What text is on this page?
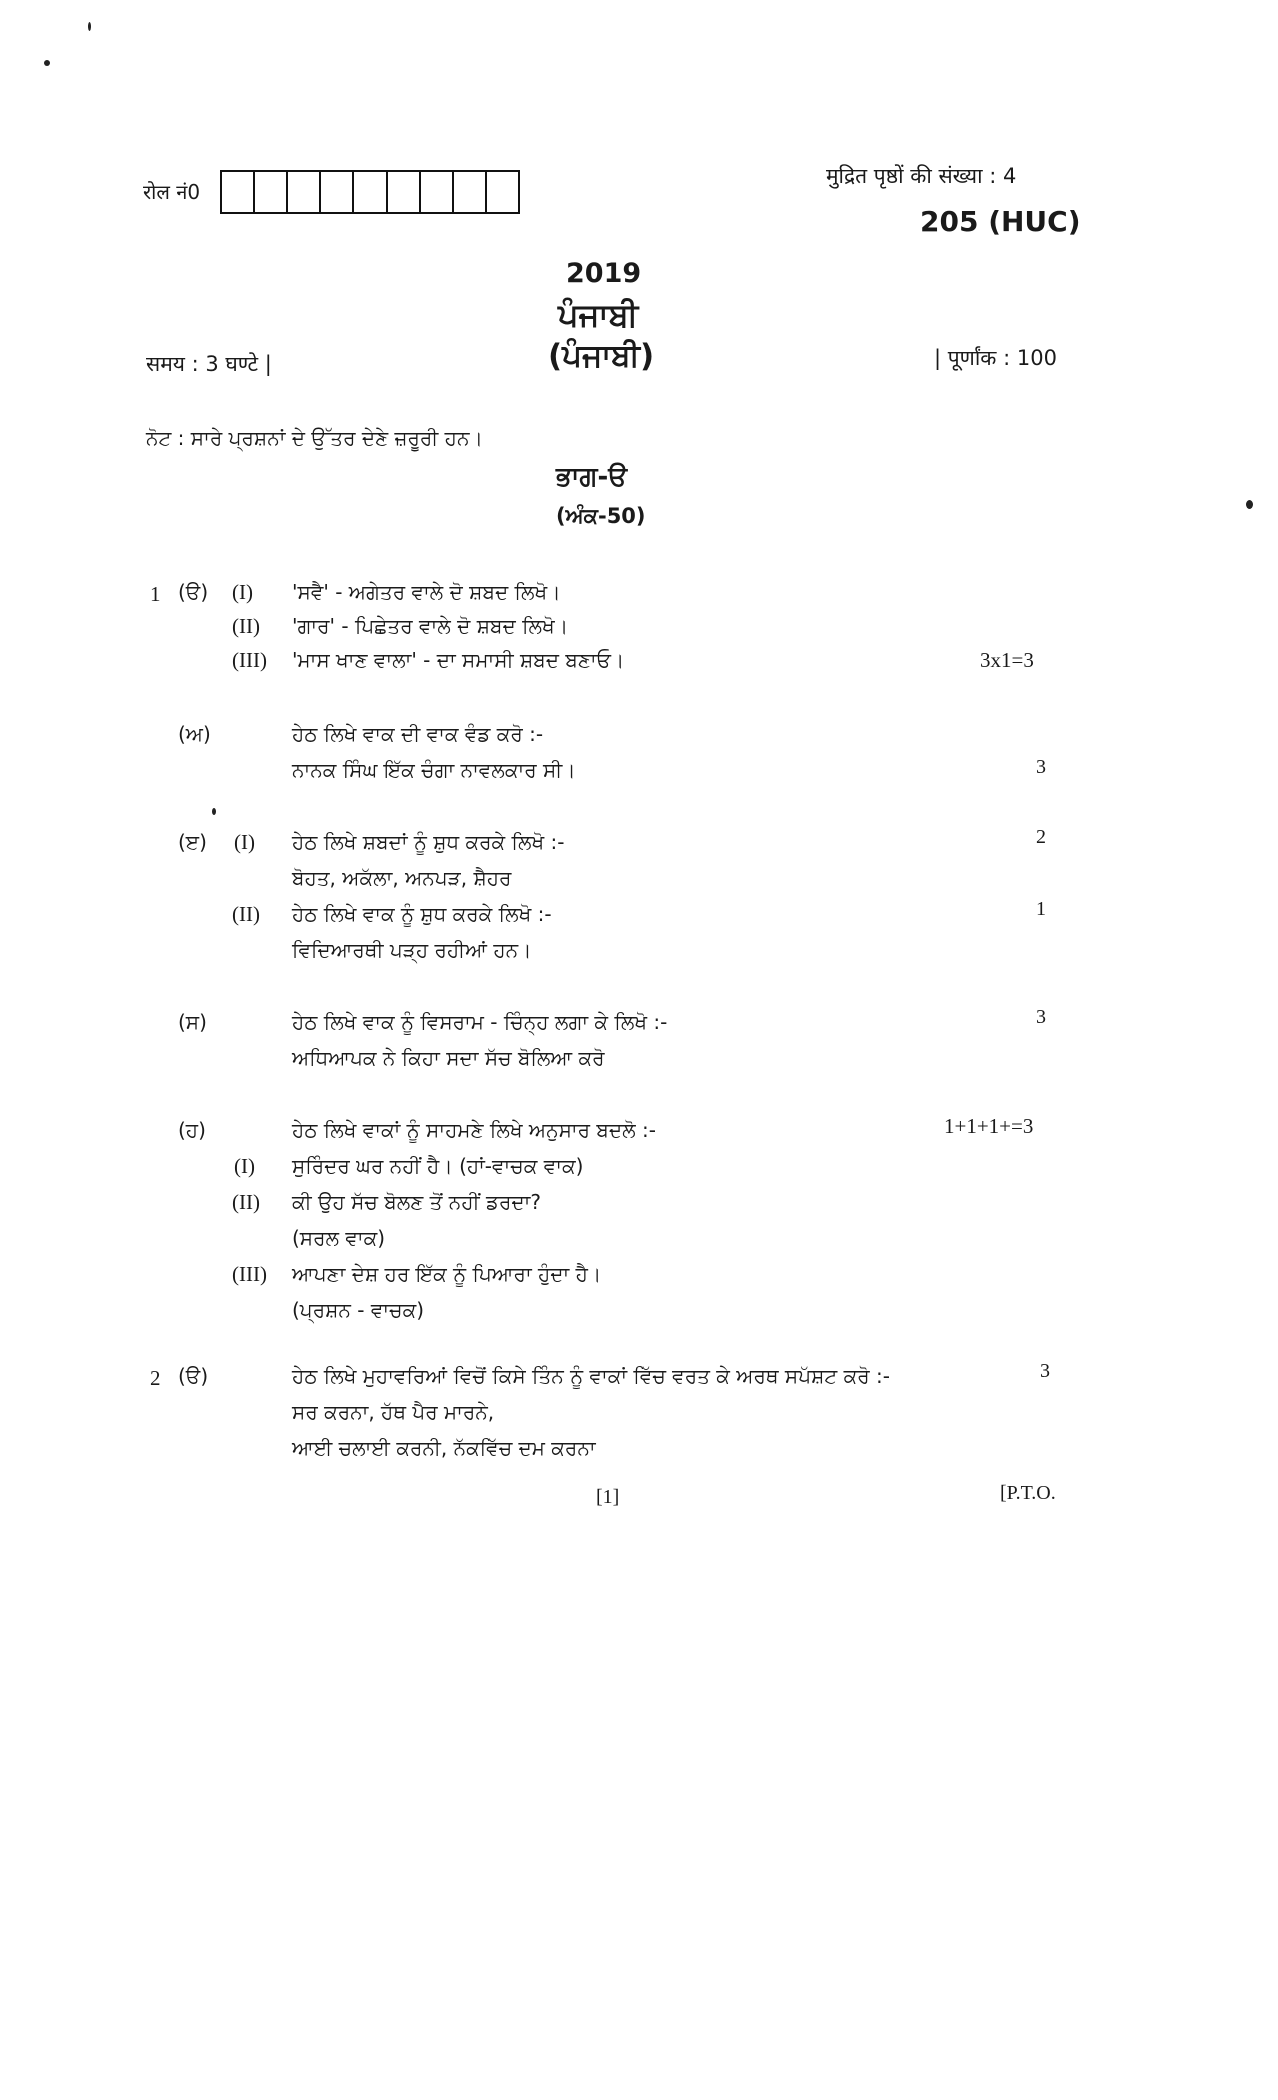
रोल नं0
मुद्रित पृष्ठों की संख्या : 4
205 (HUC)
2019
ਪੰਜਾਬੀ
(ਪੰਜਾਬੀ)
समय : 3 घण्टे |	| पूर्णांक : 100
ਨੋਟ : ਸਾਰੇ ਪ੍ਰਸ਼ਨਾਂ ਦੇ ਉੱਤਰ ਦੇਣੇ ਜ਼ਰੂਰੀ ਹਨ।
ਭਾਗ-ੳ
(ਅੰਕ-50)
1 (ੳ) (I) 'ਸਵੈ' - ਅਗੇਤਰ ਵਾਲੇ ਦੋ ਸ਼ਬਦ ਲਿਖੋ।
(II) 'ਗਾਰ' - ਪਿਛੇਤਰ ਵਾਲੇ ਦੋ ਸ਼ਬਦ ਲਿਖੋ।
(III) 'ਮਾਸ ਖਾਣ ਵਾਲਾ' - ਦਾ ਸਮਾਸੀ ਸ਼ਬਦ ਬਣਾਓ।	3x1=3
(ਅ)	ਹੇਠ ਲਿਖੇ ਵਾਕ ਦੀ ਵਾਕ ਵੰਡ ਕਰੋ :-
ਨਾਨਕ ਸਿੰਘ ਇੱਕ ਚੰਗਾ ਨਾਵਲਕਾਰ ਸੀ।	3
(ੲ) (I) ਹੇਠ ਲਿਖੇ ਸ਼ਬਦਾਂ ਨੂੰ ਸ਼ੁਧ ਕਰਕੇ ਲਿਖੋ :-	2
ਬੋਹਤ, ਅਕੱਲਾ, ਅਨਪੜ, ਸ਼ੈਹਰ
(II) ਹੇਠ ਲਿਖੇ ਵਾਕ ਨੂੰ ਸ਼ੁਧ ਕਰਕੇ ਲਿਖੋ :-	1
ਵਿਦਿਆਰਥੀ ਪੜ੍ਹ ਰਹੀਆਂ ਹਨ।
(ਸ)	ਹੇਠ ਲਿਖੇ ਵਾਕ ਨੂੰ ਵਿਸਰਾਮ - ਚਿੰਨ੍ਹ ਲਗਾ ਕੇ ਲਿਖੋ :-	3
ਅਧਿਆਪਕ ਨੇ ਕਿਹਾ ਸਦਾ ਸੱਚ ਬੋਲਿਆ ਕਰੋ
(ਹ)	ਹੇਠ ਲਿਖੇ ਵਾਕਾਂ ਨੂੰ ਸਾਹਮਣੇ ਲਿਖੇ ਅਨੁਸਾਰ ਬਦਲੋ :-	1+1+1+=3
(I) ਸੁਰਿੰਦਰ ਘਰ ਨਹੀਂ ਹੈ। (ਹਾਂ-ਵਾਚਕ ਵਾਕ)
(II) ਕੀ ਉਹ ਸੱਚ ਬੋਲਣ ਤੋਂ ਨਹੀਂ ਡਰਦਾ?
(ਸਰਲ ਵਾਕ)
(III) ਆਪਣਾ ਦੇਸ਼ ਹਰ ਇੱਕ ਨੂੰ ਪਿਆਰਾ ਹੁੰਦਾ ਹੈ।
(ਪ੍ਰਸ਼ਨ - ਵਾਚਕ)
2 (ੳ)	ਹੇਠ ਲਿਖੇ ਮੁਹਾਵਰਿਆਂ ਵਿਚੋਂ ਕਿਸੇ ਤਿੰਨ ਨੂੰ ਵਾਕਾਂ ਵਿੱਚ ਵਰਤ ਕੇ ਅਰਥ ਸਪੱਸ਼ਟ ਕਰੋ :-	3
ਸਰ ਕਰਨਾ, ਹੱਥ ਪੈਰ ਮਾਰਨੇ,
ਆਈ ਚਲਾਈ ਕਰਨੀ, ਨੱਕਵਿੱਚ ਦਮ ਕਰਨਾ
[1]	[P.T.O.
